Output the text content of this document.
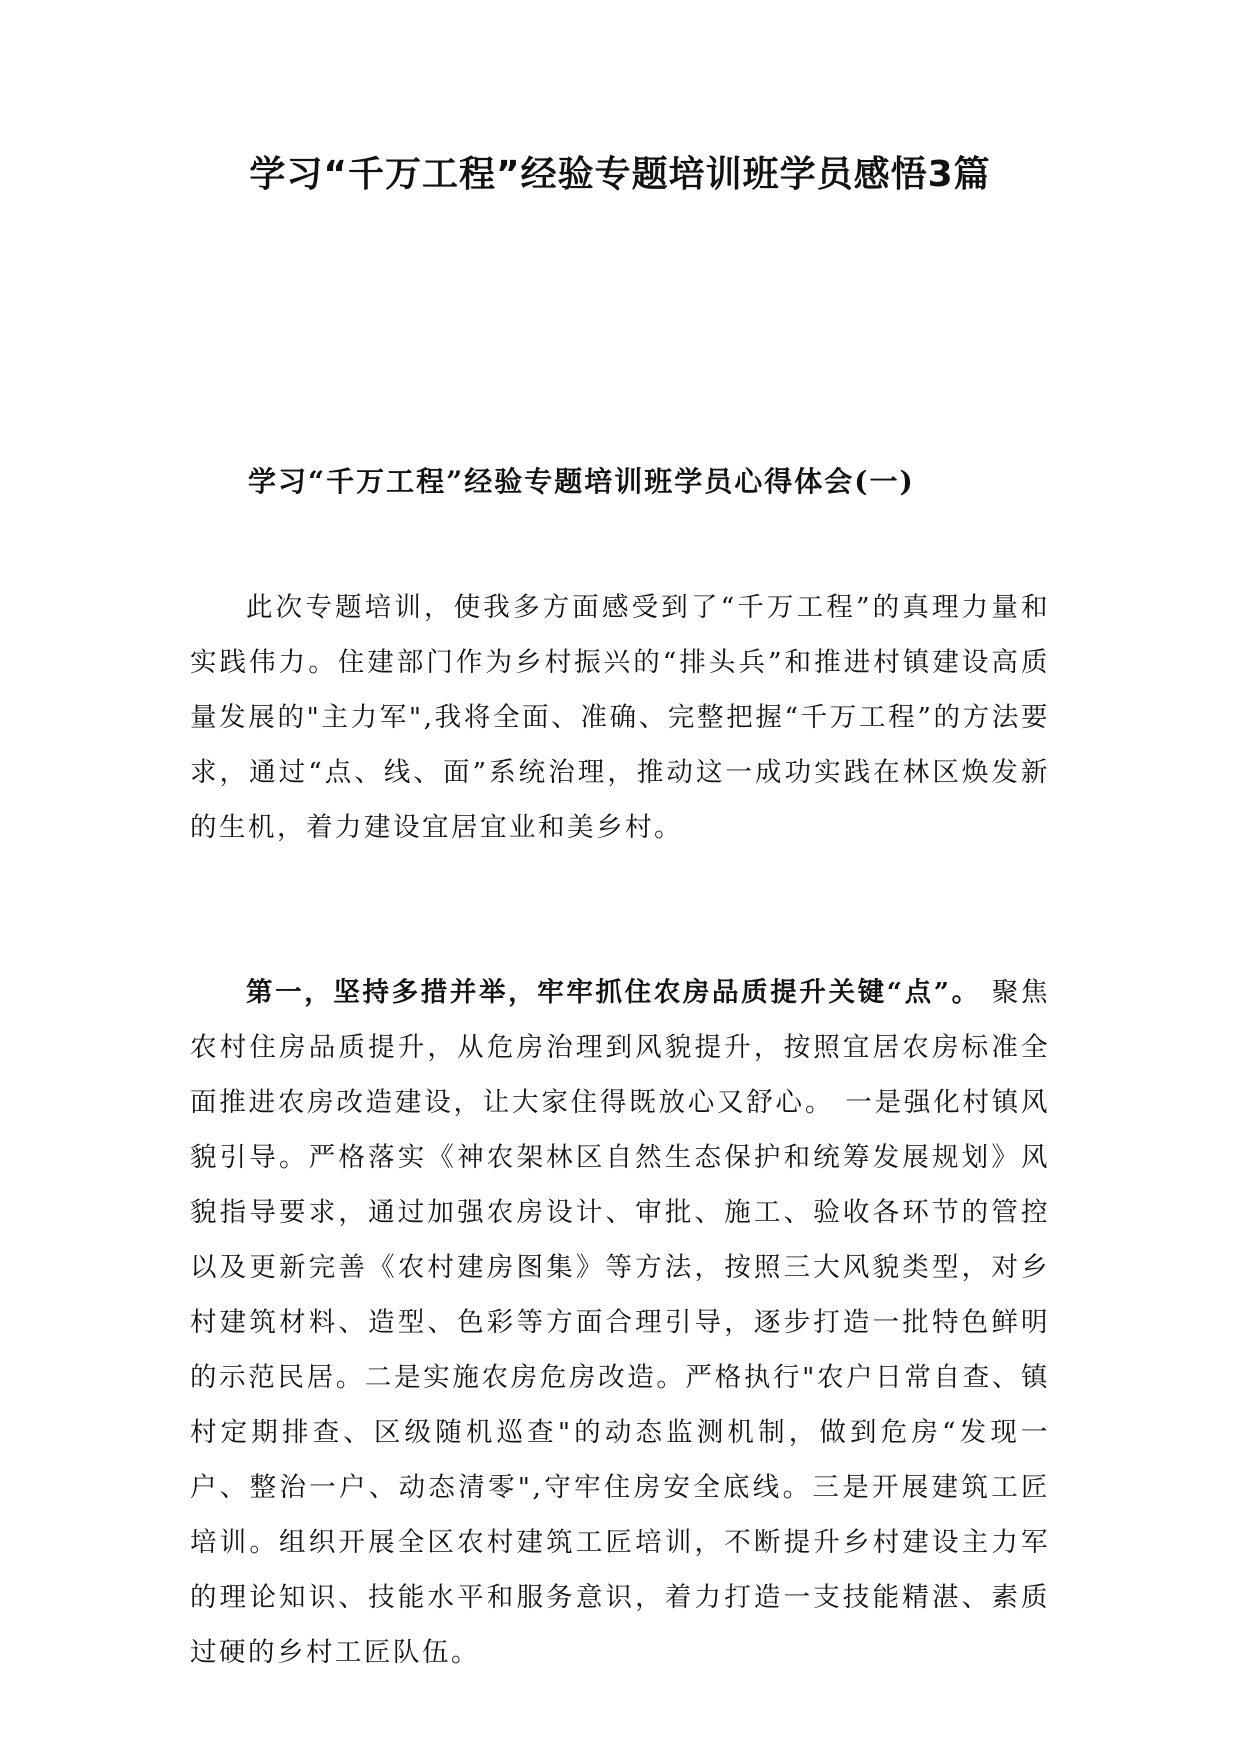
学习“千万工程”经验专题培训班学员感悟3篇
学习“千万工程”经验专题培训班学员心得体会(一)

此次专题培训，使我多方面感受到了“千万工程”的真理力量和实践伟力。住建部门作为乡村振兴的“排头兵”和推进村镇建设高质量发展的"主力军",我将全面、准确、完整把握“千万工程”的方法要求，通过“点、线、面”系统治理，推动这一成功实践在林区焕发新的生机，着力建设宜居宜业和美乡村。

第一，坚持多措并举，牢牢抓住农房品质提升关键“点”。 聚焦农村住房品质提升，从危房治理到风貌提升，按照宜居农房标准全面推进农房改造建设，让大家住得既放心又舒心。 一是强化村镇风貌引导。严格落实《神农架林区自然生态保护和统筹发展规划》风貌指导要求，通过加强农房设计、审批、施工、验收各环节的管控以及更新完善《农村建房图集》等方法，按照三大风貌类型，对乡村建筑材料、造型、色彩等方面合理引导，逐步打造一批特色鲜明的示范民居。二是实施农房危房改造。严格执行"农户日常自查、镇村定期排查、区级随机巡查"的动态监测机制，做到危房“发现一户、整治一户、动态清零",守牢住房安全底线。三是开展建筑工匠培训。组织开展全区农村建筑工匠培训，不断提升乡村建设主力军的理论知识、技能水平和服务意识，着力打造一支技能精湛、素质过硬的乡村工匠队伍。
